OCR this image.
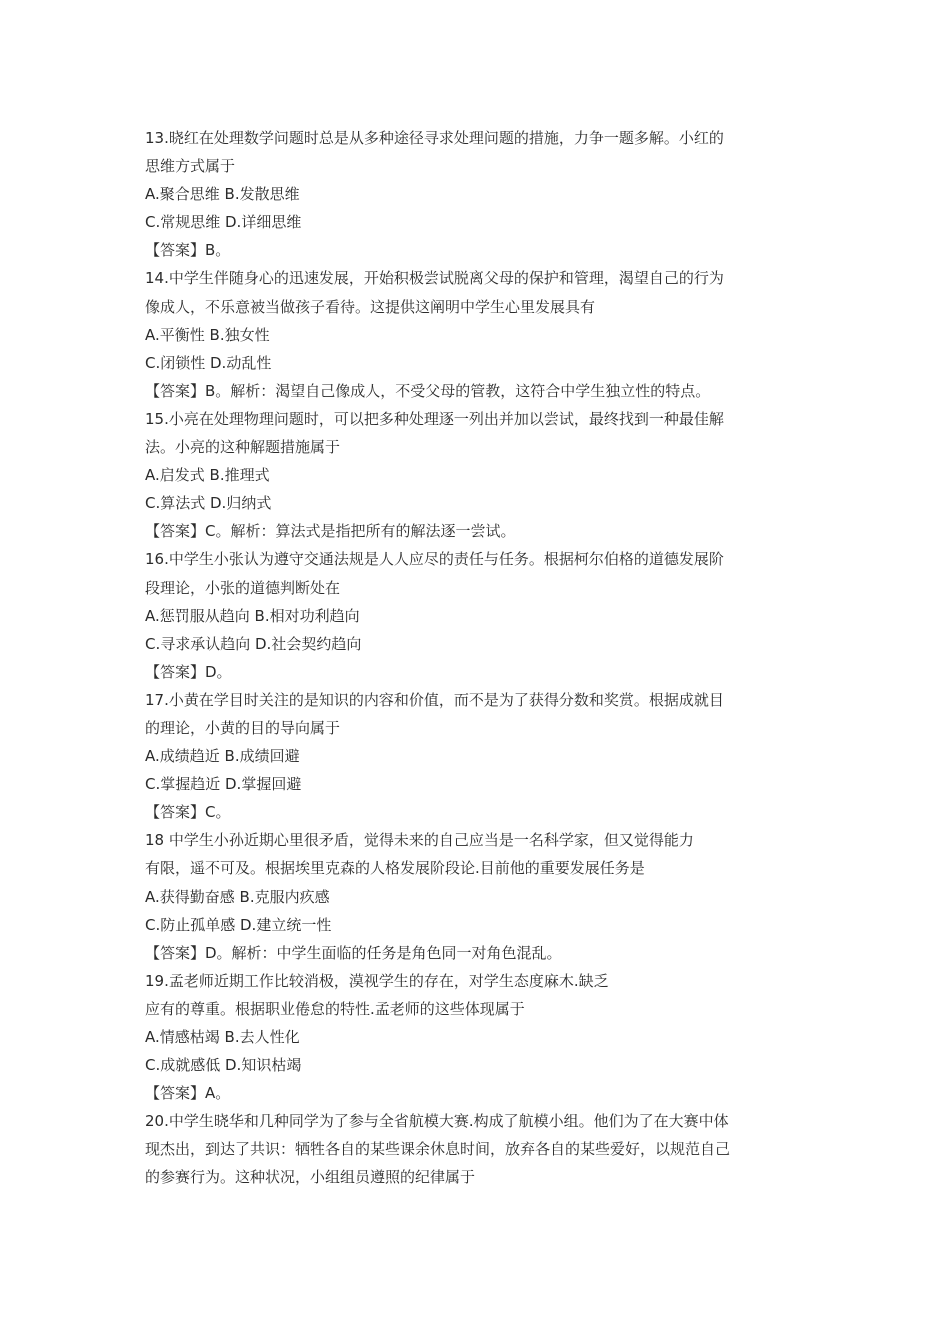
13.晓红在处理数学问题时总是从多种途径寻求处理问题的措施，力争一题多解。小红的
思维方式属于
A.聚合思维 B.发散思维
C.常规思维 D.详细思维
【答案】B。
14.中学生伴随身心的迅速发展，开始积极尝试脱离父母的保护和管理，渴望自己的行为
像成人，不乐意被当做孩子看待。这提供这阐明中学生心里发展具有
A.平衡性 B.独女性
C.闭锁性 D.动乱性
【答案】B。解析：渴望自己像成人，不受父母的管教，这符合中学生独立性的特点。
15.小亮在处理物理问题时，可以把多种处理逐一列出并加以尝试，最终找到一种最佳解
法。小亮的这种解题措施属于
A.启发式 B.推理式
C.算法式 D.归纳式
【答案】C。解析：算法式是指把所有的解法逐一尝试。
16.中学生小张认为遵守交通法规是人人应尽的责任与任务。根据柯尔伯格的道德发展阶
段理论，小张的道德判断处在
A.惩罚服从趋向 B.相对功利趋向
C.寻求承认趋向 D.社会契约趋向
【答案】D。
17.小黄在学目时关注的是知识的内容和价值，而不是为了获得分数和奖赏。根据成就目
的理论，小黄的目的导向属于
A.成绩趋近 B.成绩回避
C.掌握趋近 D.掌握回避
【答案】C。
18 中学生小孙近期心里很矛盾，觉得未来的自己应当是一名科学家，但又觉得能力
有限，遥不可及。根据埃里克森的人格发展阶段论.目前他的重要发展任务是
A.获得勤奋感 B.克服内疚感
C.防止孤单感 D.建立统一性
【答案】D。解析：中学生面临的任务是角色同一对角色混乱。
19.孟老师近期工作比较消极，漠视学生的存在，对学生态度麻木.缺乏
应有的尊重。根据职业倦怠的特性.孟老师的这些体现属于
A.情感枯竭 B.去人性化
C.成就感低 D.知识枯竭
【答案】A。
20.中学生晓华和几种同学为了参与全省航模大赛.构成了航模小组。他们为了在大赛中体
现杰出，到达了共识：牺牲各自的某些课余休息时间，放弃各自的某些爱好，以规范自己
的参赛行为。这种状况，小组组员遵照的纪律属于
